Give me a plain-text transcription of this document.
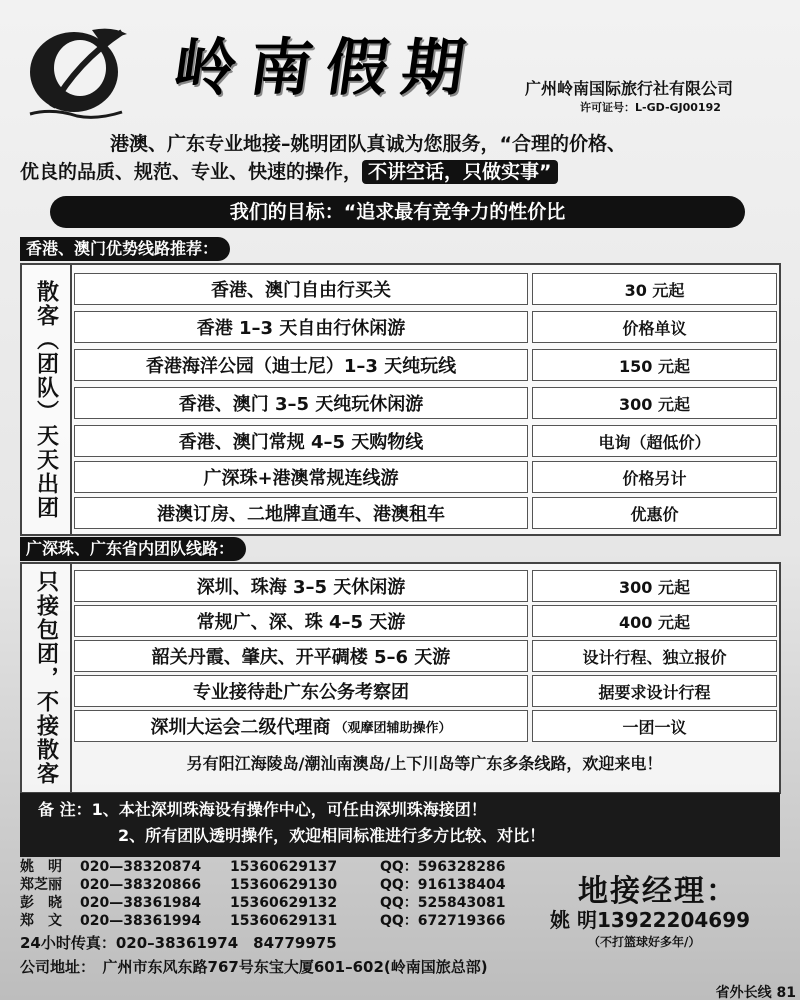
岭南假期	广州岭南国际旅行社有限公司
许可证号：L-GD-GJ00192
港澳、广东专业地接–姚明团队真诚为您服务，“合理的价格、
优良的品质、规范、专业、快速的操作， 不讲空话，只做实事”
我们的目标：“追求最有竞争力的性价比
香港、澳门优势线路推荐：
散客（团队）天天出团	香港、澳门自由行买关	30 元起
香港 1–3 天自由行休闲游	价格单议
香港海洋公园（迪士尼）1–3 天纯玩线	150 元起
香港、澳门 3–5 天纯玩休闲游	300 元起
香港、澳门常规 4–5 天购物线	电询（超低价）
广深珠+港澳常规连线游	价格另计
港澳订房、二地牌直通车、港澳租车	优惠价
广深珠、广东省内团队线路：
只接包团，不接散客	深圳、珠海 3–5 天休闲游	300 元起
常规广、深、珠 4–5 天游	400 元起
韶关丹霞、肇庆、开平碉楼 5–6 天游	设计行程、独立报价
专业接待赴广东公务考察团	据要求设计行程
深圳大运会二级代理商 （观摩团辅助操作）	一团一议
另有阳江海陵岛/潮汕南澳岛/上下川岛等广东多条线路，欢迎来电！
备 注：1、本社深圳珠海设有操作中心，可任由深圳珠海接团！
2、所有团队透明操作，欢迎相同标准进行多方比较、对比！
姚　明	020—38320874	15360629137	QQ：596328286
郑芝丽	020—38320866	15360629130	QQ：916138404
彭　晓	020—38361984	15360629132	QQ：525843081
郑　文	020—38361994	15360629131	QQ：672719366
24小时传真：020–38361974　84779975
公司地址：　广州市东风东路767号东宝大厦601–602(岭南国旅总部)
地接经理：
姚 明13922204699
（不打篮球好多年/）
省外长线 81
